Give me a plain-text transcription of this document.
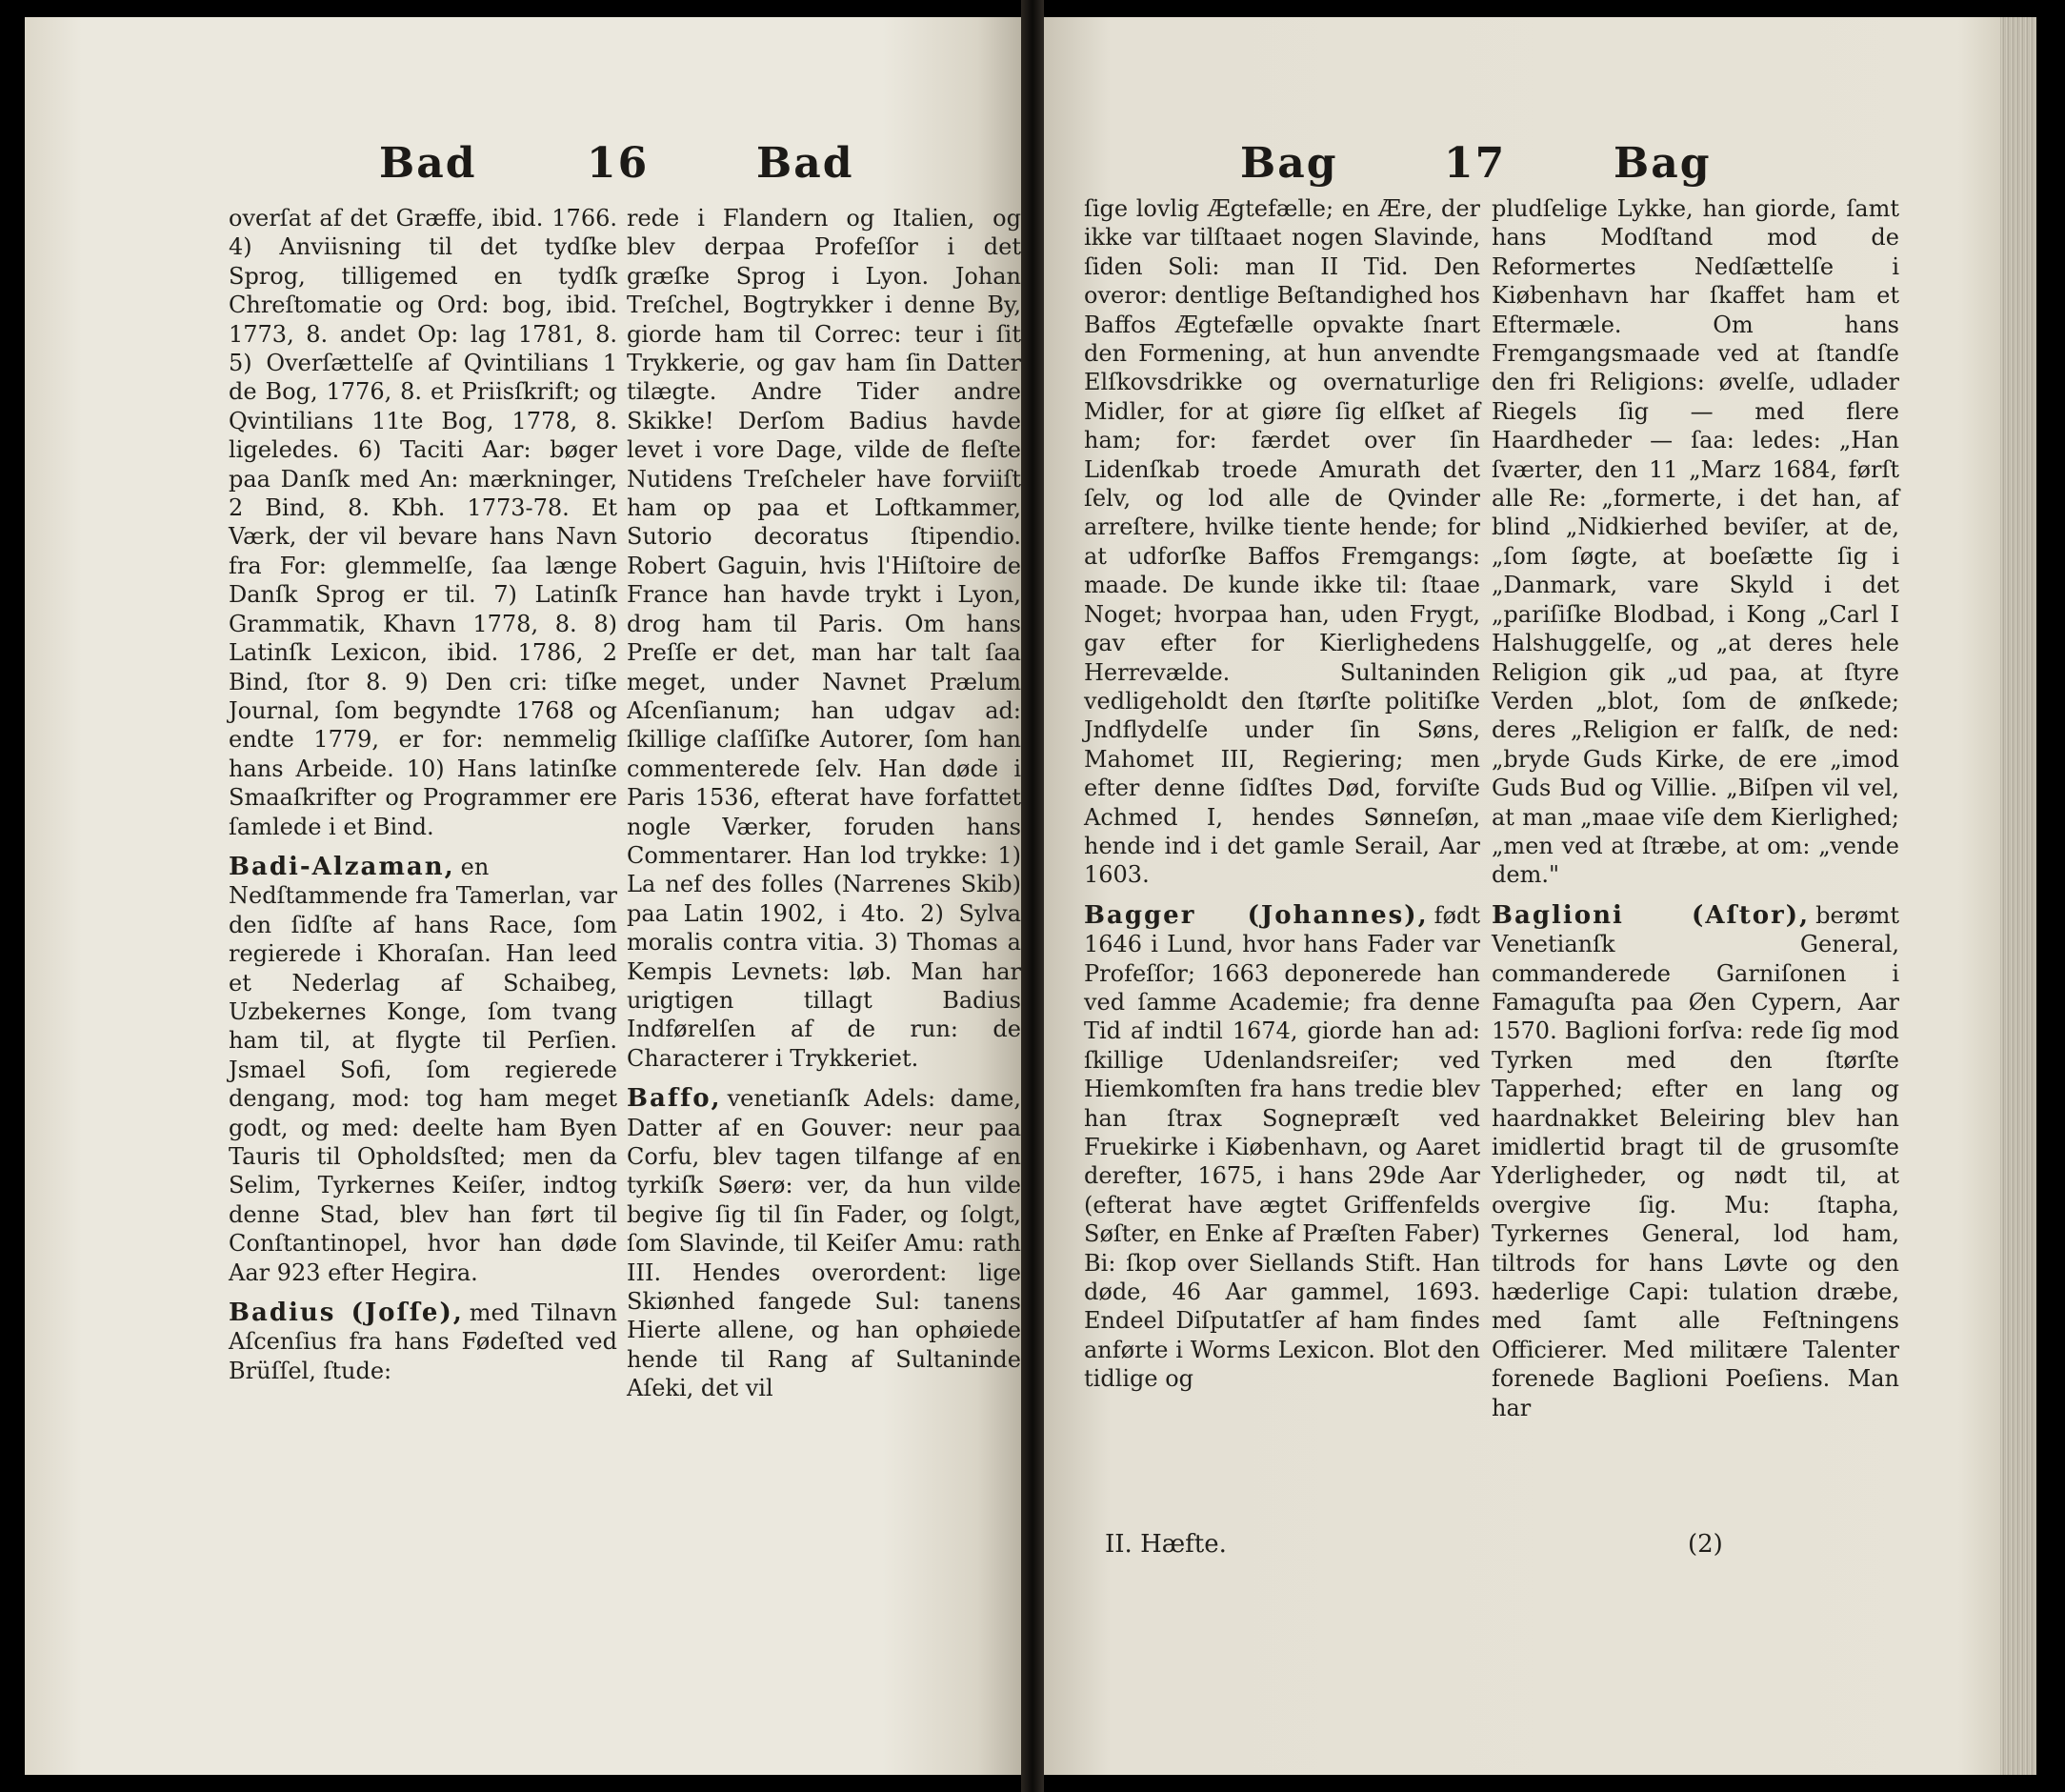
Bad	16	Bad

overſat af det Græffe, ibid. 1766. 4) Anviisning til det tydſke Sprog, tilligemed en tydſk Chreſtomatie og Ord: bog, ibid. 1773, 8. andet Op: lag 1781, 8. 5) Overſættelſe af Qvintilians 1 de Bog, 1776, 8. et Priisſkrift; og Qvintilians 11te Bog, 1778, 8. ligeledes. 6) Taciti Aar: bøger paa Danſk med An: mærkninger, 2 Bind, 8. Kbh. 1773-78. Et Værk, der vil bevare hans Navn fra For: glemmelſe, ſaa længe Danſk Sprog er til. 7) Latinſk Grammatik, Khavn 1778, 8. 8) Latinſk Lexicon, ibid. 1786, 2 Bind, ſtor 8. 9) Den cri: tiſke Journal, ſom begyndte 1768 og endte 1779, er for: nemmelig hans Arbeide. 10) Hans latinſke Smaaſkrifter og Programmer ere ſamlede i et Bind.

Badi-Alzaman, en Nedſtammende fra Tamerlan, var den ſidſte af hans Race, ſom regierede i Khoraſan. Han leed et Nederlag af Schaibeg, Uzbekernes Konge, ſom tvang ham til, at flygte til Perſien. Jsmael Sofi, ſom regierede dengang, mod: tog ham meget godt, og med: deelte ham Byen Tauris til Opholdsſted; men da Selim, Tyrkernes Keiſer, indtog denne Stad, blev han ført til Conſtantinopel, hvor han døde Aar 923 efter Hegira.

Badius (Joſſe), med Tilnavn Aſcenſius fra hans Fødeſted ved Brüſſel, ſtude:

rede i Flandern og Italien, og blev derpaa Profeſſor i det græſke Sprog i Lyon. Johan Treſchel, Bogtrykker i denne By, giorde ham til Correc: teur i ſit Trykkerie, og gav ham ſin Datter tilægte. Andre Tider andre Skikke! Derſom Badius havde levet i vore Dage, vilde de fleſte Nutidens Treſcheler have forviiſt ham op paa et Loftkammer, Sutorio decoratus ſtipendio. Robert Gaguin, hvis l'Hiſtoire de France han havde trykt i Lyon, drog ham til Paris. Om hans Preſſe er det, man har talt ſaa meget, under Navnet Prælum Aſcenſianum; han udgav ad: ſkillige claſſiſke Autorer, ſom han commenterede ſelv. Han døde i Paris 1536, efterat have forfattet nogle Værker, foruden hans Commentarer. Han lod trykke: 1) La nef des folles (Narrenes Skib) paa Latin 1902, i 4to. 2) Sylva moralis contra vitia. 3) Thomas a Kempis Levnets: løb. Man har urigtigen tillagt Badius Indførelſen af de run: de Characterer i Trykkeriet.

Baffo, venetianſk Adels: dame, Datter af en Gouver: neur paa Corfu, blev tagen tilfange af en tyrkiſk Søerø: ver, da hun vilde begive ſig til ſin Fader, og ſolgt, ſom Slavinde, til Keiſer Amu: rath III. Hendes overordent: lige Skiønhed fangede Sul: tanens Hierte allene, og han ophøiede hende til Rang af Sultaninde Aſeki, det vil

Bag	17	Bag

ſige lovlig Ægtefælle; en Ære, der ikke var tilſtaaet nogen Slavinde, ſiden Soli: man II Tid. Den overor: dentlige Beſtandighed hos Baffos Ægtefælle opvakte ſnart den Formening, at hun anvendte Elſkovsdrikke og overnaturlige Midler, for at giøre ſig elſket af ham; for: færdet over ſin Lidenſkab troede Amurath det ſelv, og lod alle de Qvinder arreſtere, hvilke tiente hende; for at udforſke Baffos Fremgangs: maade. De kunde ikke til: ſtaae Noget; hvorpaa han, uden Frygt, gav efter for Kierlighedens Herrevælde. Sultaninden vedligeholdt den ſtørſte politiſke Jndflydelſe under ſin Søns, Mahomet III, Regiering; men efter denne ſidſtes Død, forviſte Achmed I, hendes Sønneſøn, hende ind i det gamle Serail, Aar 1603.

Bagger (Johannes), født 1646 i Lund, hvor hans Fader var Profeſſor; 1663 deponerede han ved ſamme Academie; fra denne Tid af indtil 1674, giorde han ad: ſkillige Udenlandsreiſer; ved Hiemkomſten fra hans tredie blev han ſtrax Sognepræſt ved Fruekirke i Kiøbenhavn, og Aaret derefter, 1675, i hans 29de Aar (efterat have ægtet Griffenfelds Søſter, en Enke af Præſten Faber) Bi: ſkop over Siellands Stift. Han døde, 46 Aar gammel, 1693. Endeel Diſputatſer af ham findes anførte i Worms Lexicon. Blot den tidlige og

pludſelige Lykke, han giorde, ſamt hans Modſtand mod de Reformertes Nedſættelſe i Kiøbenhavn har ſkaffet ham et Eftermæle. Om hans Fremgangsmaade ved at ſtandſe den fri Religions: øvelſe, udlader Riegels ſig — med flere Haardheder — ſaa: ledes: „Han ſværter, den 11 „Marz 1684, førſt alle Re: „formerte, i det han, af blind „Nidkierhed beviſer, at de, „ſom ſøgte, at boeſætte ſig i „Danmark, vare Skyld i det „pariſiſke Blodbad, i Kong „Carl I Halshuggelſe, og „at deres hele Religion gik „ud paa, at ſtyre Verden „blot, ſom de ønſkede; deres „Religion er falſk, de ned: „bryde Guds Kirke, de ere „imod Guds Bud og Villie. „Biſpen vil vel, at man „maae viſe dem Kierlighed; „men ved at ſtræbe, at om: „vende dem."

Baglioni (Aſtor), berømt Venetianſk General, commanderede Garniſonen i Famaguſta paa Øen Cypern, Aar 1570. Baglioni forſva: rede ſig mod Tyrken med den ſtørſte Tapperhed; efter en lang og haardnakket Beleiring blev han imidlertid bragt til de grusomſte Yderligheder, og nødt til, at overgive ſig. Mu: ſtapha, Tyrkernes General, lod ham, tiltrods for hans Løvte og den hæderlige Capi: tulation dræbe, med ſamt alle Feſtningens Officierer. Med militære Talenter forenede Baglioni Poeſiens. Man har

II. Hæfte.	(2)
